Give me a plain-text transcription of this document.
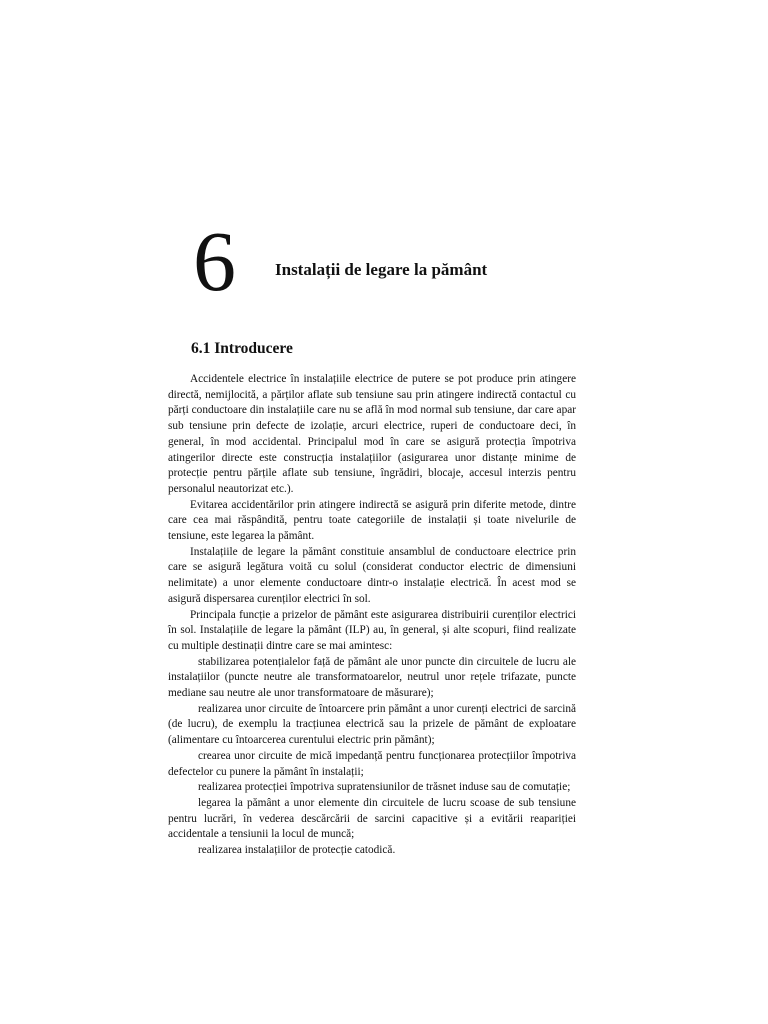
6 Instalații de legare la pământ
6.1 Introducere

Accidentele electrice în instalațiile electrice de putere se pot produce prin atingere directă, nemijlocită, a părților aflate sub tensiune sau prin atingere indirectă contactul cu părți conductoare din instalațiile care nu se află în mod normal sub tensiune, dar care apar sub tensiune prin defecte de izolație, arcuri electrice, ruperi de conductoare deci, în general, în mod accidental. Principalul mod în care se asigură protecția împotriva atingerilor directe este construcția instalațiilor (asigurarea unor distanțe minime de protecție pentru părțile aflate sub tensiune, îngrădiri, blocaje, accesul interzis pentru personalul neautorizat etc.).

Evitarea accidentărilor prin atingere indirectă se asigură prin diferite metode, dintre care cea mai răspândită, pentru toate categoriile de instalații și toate nivelurile de tensiune, este legarea la pământ.

Instalațiile de legare la pământ constituie ansamblul de conductoare electrice prin care se asigură legătura voită cu solul (considerat conductor electric de dimensiuni nelimitate) a unor elemente conductoare dintr-o instalație electrică. În acest mod se asigură dispersarea curenților electrici în sol.

Principala funcție a prizelor de pământ este asigurarea distribuirii curenților electrici în sol. Instalațiile de legare la pământ (ILP) au, în general, și alte scopuri, fiind realizate cu multiple destinații dintre care se mai amintesc:

stabilizarea potențialelor față de pământ ale unor puncte din circuitele de lucru ale instalațiilor (puncte neutre ale transformatoarelor, neutrul unor rețele trifazate, puncte mediane sau neutre ale unor transformatoare de măsurare);

realizarea unor circuite de întoarcere prin pământ a unor curenți electrici de sarcină (de lucru), de exemplu la tracțiunea electrică sau la prizele de pământ de exploatare (alimentare cu întoarcerea curentului electric prin pământ);

crearea unor circuite de mică impedanță pentru funcționarea protecțiilor împotriva defectelor cu punere la pământ în instalații;

realizarea protecției împotriva supratensiunilor de trăsnet induse sau de comutație;

legarea la pământ a unor elemente din circuitele de lucru scoase de sub tensiune pentru lucrări, în vederea descărcării de sarcini capacitive și a evitării reapariției accidentale a tensiunii la locul de muncă;

realizarea instalațiilor de protecție catodică.
